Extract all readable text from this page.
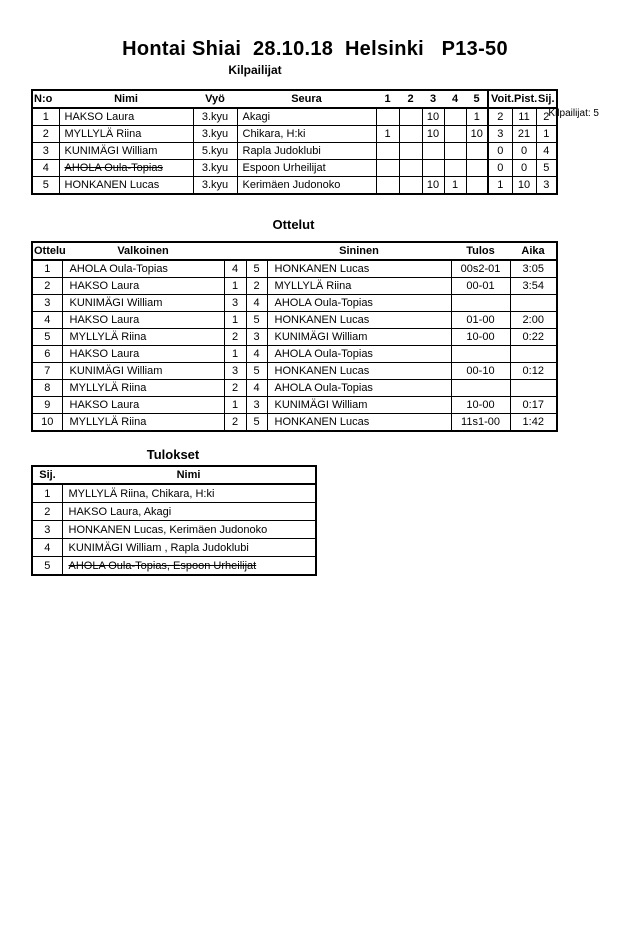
Hontai Shiai  28.10.18  Helsinki   P13-50
Kilpailijat
Kilpailijat: 5
N:o	Nimi	Vyö	Seura	1	2	3	4	5	Voit.	Pist.	Sij.
1	HAKSO Laura	3.kyu	Akagi			10		1	2	11	2
2	MYLLYLÄ Riina	3.kyu	Chikara, H:ki	1		10		10	3	21	1
3	KUNIMÄGI William	5.kyu	Rapla Judoklubi						0	0	4
4	AHOLA Oula-Topias	3.kyu	Espoon Urheilijat						0	0	5
5	HONKANEN Lucas	3.kyu	Kerimäen Judonoko			10	1		1	10	3
Ottelut
Ottelu	Valkoinen			Sininen	Tulos	Aika
1	AHOLA Oula-Topias	4	5	HONKANEN Lucas	00s2-01	3:05
2	HAKSO Laura	1	2	MYLLYLÄ Riina	00-01	3:54
3	KUNIMÄGI William	3	4	AHOLA Oula-Topias		
4	HAKSO Laura	1	5	HONKANEN Lucas	01-00	2:00
5	MYLLYLÄ Riina	2	3	KUNIMÄGI William	10-00	0:22
6	HAKSO Laura	1	4	AHOLA Oula-Topias		
7	KUNIMÄGI William	3	5	HONKANEN Lucas	00-10	0:12
8	MYLLYLÄ Riina	2	4	AHOLA Oula-Topias		
9	HAKSO Laura	1	3	KUNIMÄGI William	10-00	0:17
10	MYLLYLÄ Riina	2	5	HONKANEN Lucas	11s1-00	1:42
Tulokset
Sij.	Nimi
1	MYLLYLÄ Riina, Chikara, H:ki
2	HAKSO Laura, Akagi
3	HONKANEN Lucas, Kerimäen Judonoko
4	KUNIMÄGI William , Rapla Judoklubi
5	AHOLA Oula-Topias, Espoon Urheilijat
